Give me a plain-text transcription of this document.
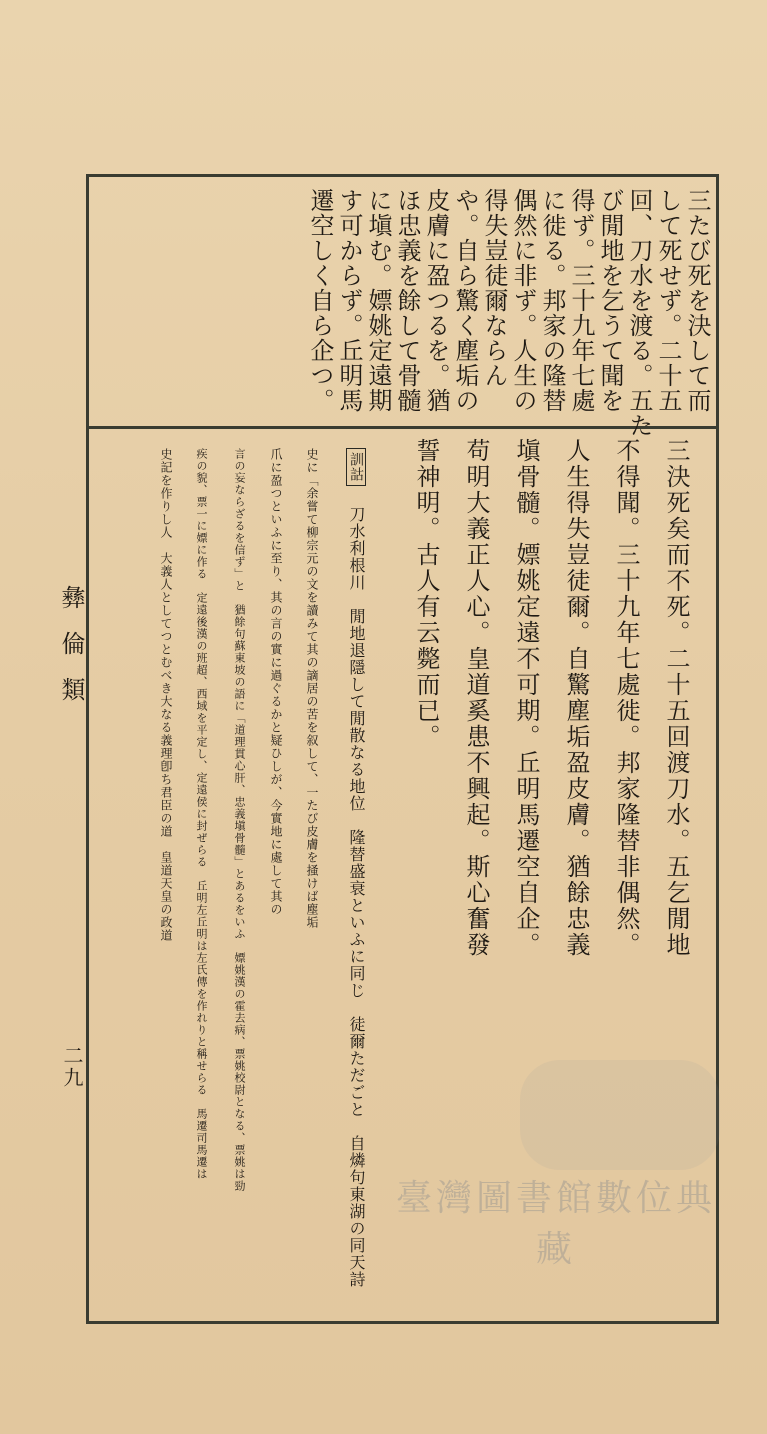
三たび死を決して而
して死せず。二十五
回、刀水を渡る。五た
び閒地を乞うて聞を
得ず。三十九年七處
に徙る。邦家の隆替
偶然に非ず。人生の
得失豈徒爾ならん
や。自ら驚く塵垢の
皮膚に盈つるを。猶
ほ忠義を餘して骨髓
に塡む。嫖姚定遠期
す可からず。丘明馬
遷空しく自ら企つ。
三決死矣而不死。二十五回渡刀水。五乞閒地
不得聞。三十九年七處徙。邦家隆替非偶然。
人生得失豈徒爾。自驚塵垢盈皮膚。猶餘忠義
塡骨髓。嫖姚定遠不可期。丘明馬遷空自企。
苟明大義正人心。皇道奚患不興起。斯心奮發
誓神明。古人有云斃而已。
訓詁 刀水利根川　閒地退隱して閒散なる地位　隆替盛衰といふに同じ　徒爾ただごと　自燐句東湖の同天詩
史に「余嘗て柳宗元の文を讀みて其の謫居の苦を叙して、一たび皮膚を掻けば塵垢
爪に盈つといふに至り、其の言の實に過ぐるかと疑ひしが、今實地に處して其の
言の妄ならざるを信ず」と　猶餘句蘇東坡の語に「道理貫心肝、忠義塡骨髓」とあるをいふ　嫖姚漢の霍去病、票姚校尉となる、票姚は勁
疾の貌、票一に嫖に作る　定遠後漢の班超、西域を平定し、定遠侯に封ぜらる　丘明左丘明は左氏傳を作れりと稱せらる　馬遷司馬遷は
史記を作りし人　大義人としてつとむべき大なる義理卽ち君臣の道　皇道天皇の政道
彝倫類
二九
臺灣圖書館數位典藏
